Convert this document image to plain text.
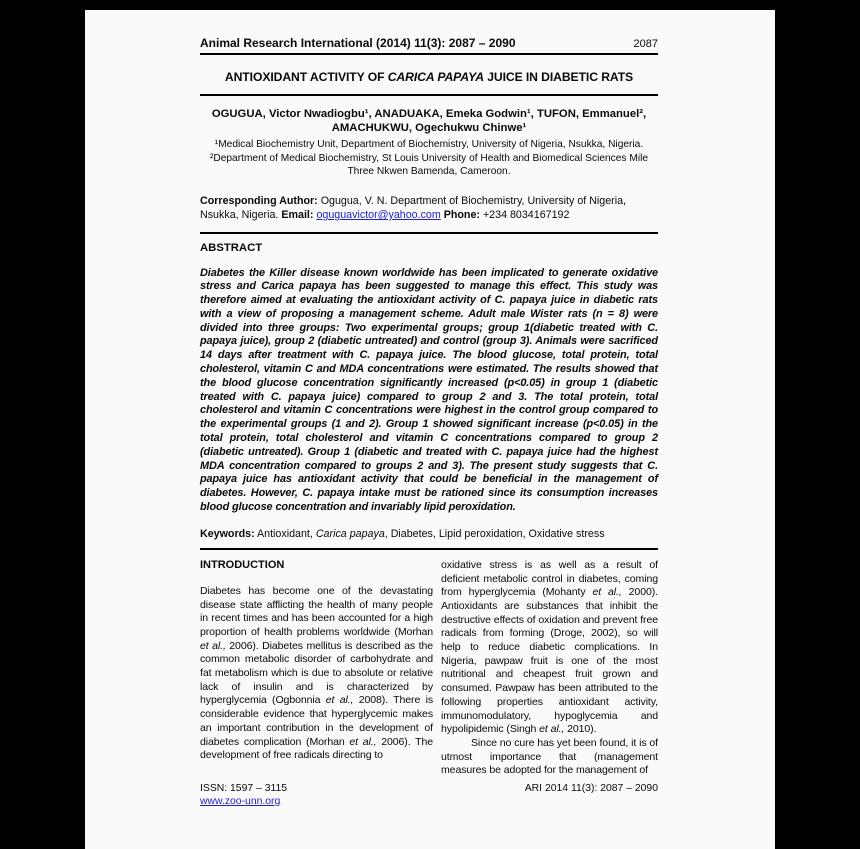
Animal Research International (2014) 11(3): 2087 – 2090	2087
ANTIOXIDANT ACTIVITY OF CARICA PAPAYA JUICE IN DIABETIC RATS
OGUGUA, Victor Nwadiogbu¹, ANADUAKA, Emeka Godwin¹, TUFON, Emmanuel²,
AMACHUKWU, Ogechukwu Chinwe¹
¹Medical Biochemistry Unit, Department of Biochemistry, University of Nigeria, Nsukka, Nigeria.
²Department of Medical Biochemistry, St Louis University of Health and Biomedical Sciences Mile Three Nkwen Bamenda, Cameroon.
Corresponding Author: Ogugua, V. N. Department of Biochemistry, University of Nigeria, Nsukka, Nigeria. Email: oguguavictor@yahoo.com Phone: +234 8034167192
ABSTRACT
Diabetes the Killer disease known worldwide has been implicated to generate oxidative stress and Carica papaya has been suggested to manage this effect. This study was therefore aimed at evaluating the antioxidant activity of C. papaya juice in diabetic rats with a view of proposing a management scheme. Adult male Wister rats (n = 8) were divided into three groups: Two experimental groups; group 1(diabetic treated with C. papaya juice), group 2 (diabetic untreated) and control (group 3). Animals were sacrificed 14 days after treatment with C. papaya juice. The blood glucose, total protein, total cholesterol, vitamin C and MDA concentrations were estimated. The results showed that the blood glucose concentration significantly increased (p<0.05) in group 1 (diabetic treated with C. papaya juice) compared to group 2 and 3. The total protein, total cholesterol and vitamin C concentrations were highest in the control group compared to the experimental groups (1 and 2). Group 1 showed significant increase (p<0.05) in the total protein, total cholesterol and vitamin C concentrations compared to group 2 (diabetic untreated). Group 1 (diabetic and treated with C. papaya juice had the highest MDA concentration compared to groups 2 and 3). The present study suggests that C. papaya juice has antioxidant activity that could be beneficial in the management of diabetes. However, C. papaya intake must be rationed since its consumption increases blood glucose concentration and invariably lipid peroxidation.
Keywords: Antioxidant, Carica papaya, Diabetes, Lipid peroxidation, Oxidative stress
INTRODUCTION

Diabetes has become one of the devastating disease state afflicting the health of many people in recent times and has been accounted for a high proportion of health problems worldwide (Morhan et al., 2006). Diabetes mellitus is described as the common metabolic disorder of carbohydrate and fat metabolism which is due to absolute or relative lack of insulin and is characterized by hyperglycemia (Ogbonnia et al., 2008). There is considerable evidence that hyperglycemic makes an important contribution in the development of diabetes complication (Morhan et al., 2006). The development of free radicals directing to

oxidative stress is as well as a result of deficient metabolic control in diabetes, coming from hyperglycemia (Mohanty et al., 2000). Antioxidants are substances that inhibit the destructive effects of oxidation and prevent free radicals from forming (Droge, 2002), so will help to reduce diabetic complications. In Nigeria, pawpaw fruit is one of the most nutritional and cheapest fruit grown and consumed. Pawpaw has been attributed to the following properties antioxidant activity, immunomodulatory, hypoglycemia and hypolipidemic (Singh et al., 2010).

Since no cure has yet been found, it is of utmost importance that (management measures be adopted for the management of

ISSN: 1597 – 3115	ARI 2014 11(3): 2087 – 2090
www.zoo-unn.org
